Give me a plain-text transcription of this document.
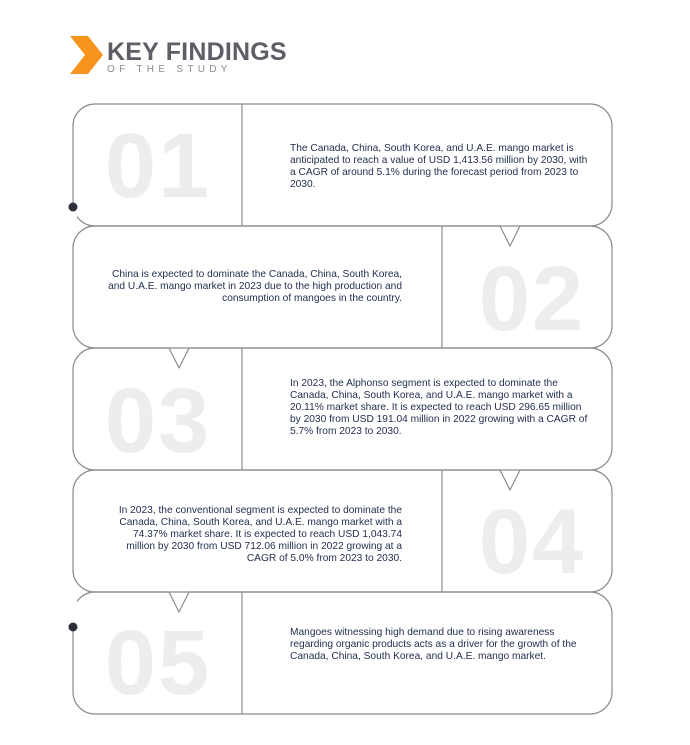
KEY FINDINGS
OF THE STUDY
01
02
03
04
05

The Canada, China, South Korea, and U.A.E. mango market is anticipated to reach a value of USD 1,413.56 million by 2030, with a CAGR of around 5.1% during the forecast period from 2023 to 2030.

China is expected to dominate the Canada, China, South Korea, and U.A.E. mango market in 2023 due to the high production and consumption of mangoes in the country.

In 2023, the Alphonso segment is expected to dominate the Canada, China, South Korea, and U.A.E. mango market with a 20.11% market share. It is expected to reach USD 296.65 million by 2030 from USD 191.04 million in 2022 growing with a CAGR of 5.7% from 2023 to 2030.

In 2023, the conventional segment is expected to dominate the Canada, China, South Korea, and U.A.E. mango market with a 74.37% market share. It is expected to reach USD 1,043.74 million by 2030 from USD 712.06 million in 2022 growing at a CAGR of 5.0% from 2023 to 2030.

Mangoes witnessing high demand due to rising awareness regarding organic products acts as a driver for the growth of the Canada, China, South Korea, and U.A.E. mango market.
